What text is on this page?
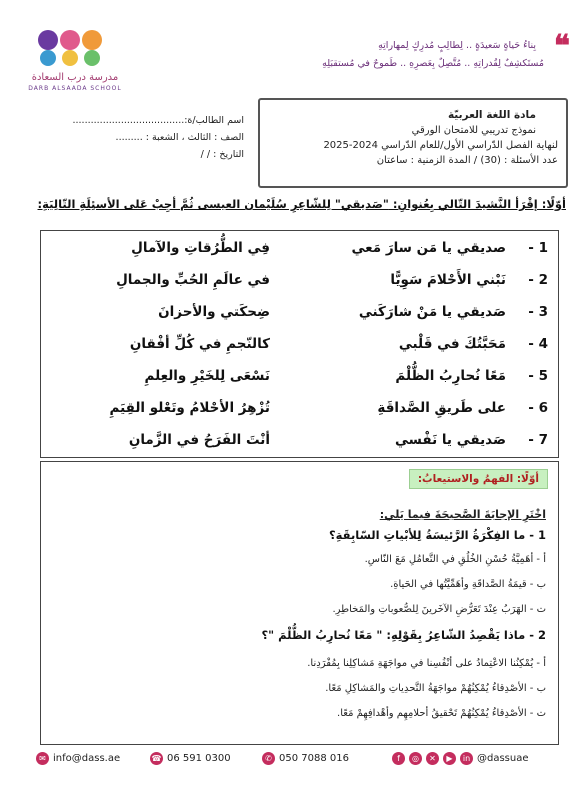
مدرسة درب السعادة
DARB ALSAADA SCHOOL
❝
بِناءُ حَياةٍ سَعيدَةٍ .. لِطالِبٍ مُدرِكٍ لِمهاراتِهِ
مُستَكشِفٌ لِقُدراتِهِ .. مُتَّصِلٌ بِعَصرِهِ .. طَموحٌ في مُستقبَلِهِ
اسم الطالب/ة:.....................................
الصف : الثالث ، الشعبة : .........
التاريخ : / /
مادة اللغة العربيّة
نموذج تدريبي للامتحان الورقي
لنهاية الفصل الدّراسي الأول/للعام الدّراسي 2024-2025
عدد الأسئلة : (30) / المدة الزمنية : ساعتان
أوّلًا: إقْرَأ النَّشيدَ التّالي بِعُنوانِ: "صَديقي" لِلشّاعِرِ سُلَيْمان العيسى ثُمَّ أجِبْ عَلى الأسئِلَةِ التّالِيَةِ:
1 -
صديقي يا مَن سارَ مَعي
فِي الطُّرُقاتِ والآمالِ
2 -
نَبْني الأَحْلامَ سَوِيًّا
في عالَمِ الحُبِّ والجمالِ
3 -
صَديقي يا مَنْ شارَكَني
ضِحكَتي والأحزانَ
4 -
مَحَبَّتُكَ في قَلْبي
كالنّجمِ في كُلِّ أفْقانِ
5 -
مَعًا نُحارِبُ الظُّلْمَ
نَسْعَى لِلخَيْرِ والعِلمِ
6 -
على طَريقِ الصَّداقَةِ
تُزْهِرُ الأحْلامُ وتَعْلو القِيَمِ
7 -
صَديقي يا نَفْسي
أنْتَ الفَرَحُ في الزَّمانِ
أوّلًا: الفهمُ والاستيعابُ:
اخْتَرِ الإجابَةَ الصَّحيحَةَ فيما يَلي:
1 - ما الفِكْرَةُ الرَّئيسَةُ لِلأبْياتِ السّابِقَةِ؟
أ - أهَمِيَّةُ حُسْنِ الخُلُقِ في التَّعامُلِ مَعَ النّاسِ.
ب - قيمَةُ الصَّداقَةِ وأهَمِّيَّتُها في الحَياةِ.
ت - الهَرَبُ عِنْدَ تَعَرُّضِ الآخَرينَ لِلصُّعوباتِ والمَخاطِرِ.
2 - ماذا يَقْصِدُ الشّاعِرُ بِقَوْلِهِ: " مَعًا نُحارِبُ الظُّلْمَ "؟
أ - يُمْكِنُنا الاعْتِمادُ على أنْفُسِنا في مواجَهَةِ مَشاكِلِنا بِمُفْرَدِنا.
ب - الأصْدِقاءُ يُمْكِنُهُمْ مواجَهَةُ التَّحدِياتِ والمَشاكِلِ مَعًا.
ت - الأصْدِقاءُ يُمْكِنُهُمْ تَحْقيقُ أحلامِهِم وأهْدافِهِمْ مَعًا.
✉ info@dass.ae	☎ 06 591 0300	✆ 050 7088 016	f	◎	✕	▶	in @dassuae
